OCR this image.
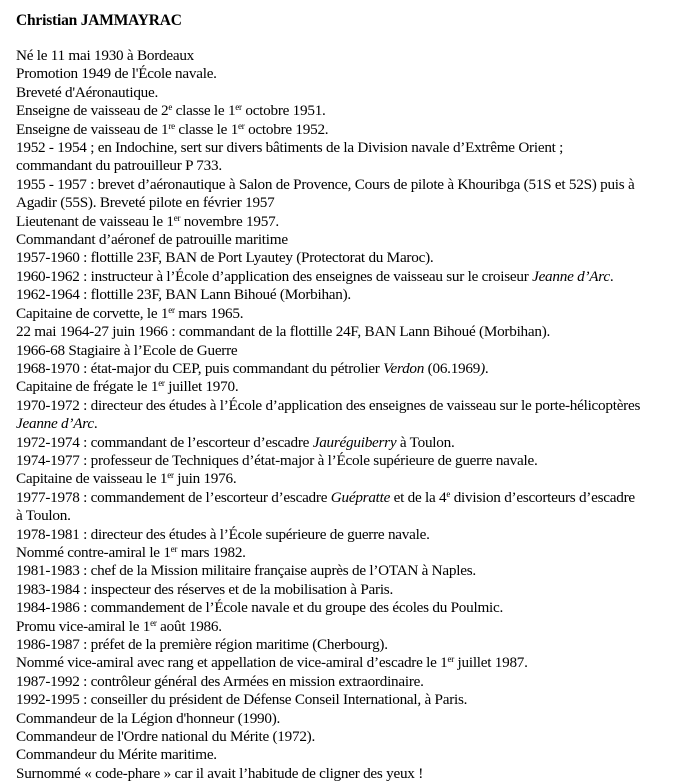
Christian JAMMAYRAC
Né le 11 mai 1930 à Bordeaux
Promotion 1949 de l'École navale.
Breveté d'Aéronautique.
Enseigne de vaisseau de 2e classe le 1er octobre 1951.
Enseigne de vaisseau de 1re classe le 1er octobre 1952.
1952 - 1954 ; en Indochine, sert sur divers bâtiments de la Division navale d’Extrême Orient ;
commandant du patrouilleur P 733.
1955 - 1957 : brevet d’aéronautique à Salon de Provence, Cours de pilote à Khouribga (51S et 52S) puis à
Agadir (55S). Breveté pilote en février 1957
Lieutenant de vaisseau le 1er novembre 1957.
Commandant d’aéronef de patrouille maritime
1957-1960 : flottille 23F, BAN de Port Lyautey (Protectorat du Maroc).
1960-1962 : instructeur à l’École d’application des enseignes de vaisseau sur le croiseur Jeanne d’Arc.
1962-1964 : flottille 23F, BAN Lann Bihoué (Morbihan).
Capitaine de corvette, le 1er mars 1965.
22 mai 1964-27 juin 1966 : commandant de la flottille 24F, BAN Lann Bihoué (Morbihan).
1966-68 Stagiaire à l’Ecole de Guerre
1968-1970 : état-major du CEP, puis commandant du pétrolier Verdon (06.1969).
Capitaine de frégate le 1er juillet 1970.
1970-1972 : directeur des études à l’École d’application des enseignes de vaisseau sur le porte-hélicoptères
Jeanne d’Arc.
1972-1974 : commandant de l’escorteur d’escadre Jauréguiberry à Toulon.
1974-1977 : professeur de Techniques d’état-major à l’École supérieure de guerre navale.
Capitaine de vaisseau le 1er juin 1976.
1977-1978 : commandement de l’escorteur d’escadre Guépratte et de la 4e division d’escorteurs d’escadre
à Toulon.
1978-1981 : directeur des études à l’École supérieure de guerre navale.
Nommé contre-amiral le 1er mars 1982.
1981-1983 : chef de la Mission militaire française auprès de l’OTAN à Naples.
1983-1984 : inspecteur des réserves et de la mobilisation à Paris.
1984-1986 : commandement de l’École navale et du groupe des écoles du Poulmic.
Promu vice-amiral le 1er août 1986.
1986-1987 : préfet de la première région maritime (Cherbourg).
Nommé vice-amiral avec rang et appellation de vice-amiral d’escadre le 1er juillet 1987.
1987-1992 : contrôleur général des Armées en mission extraordinaire.
1992-1995 : conseiller du président de Défense Conseil International, à Paris.
Commandeur de la Légion d'honneur (1990).
Commandeur de l'Ordre national du Mérite (1972).
Commandeur du Mérite maritime.
Surnommé « code-phare » car il avait l’habitude de cligner des yeux !
